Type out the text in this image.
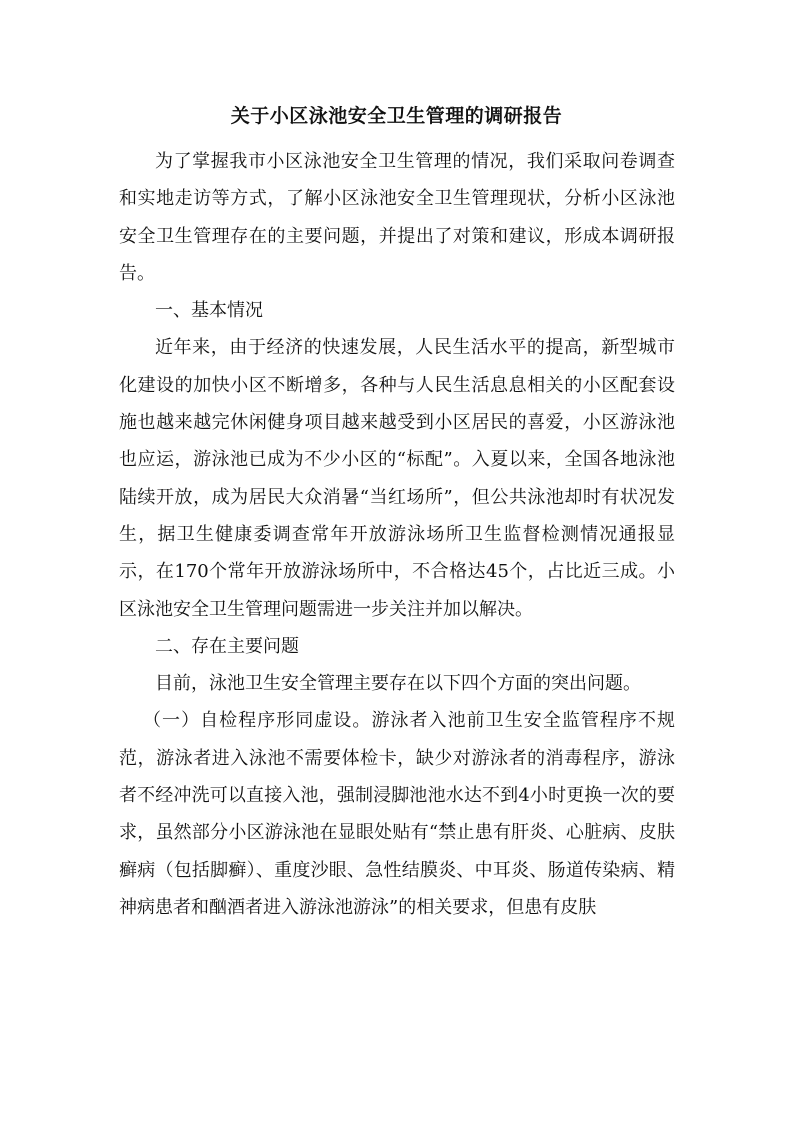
关于小区泳池安全卫生管理的调研报告

为了掌握我市小区泳池安全卫生管理的情况，我们采取问卷调查和实地走访等方式，了解小区泳池安全卫生管理现状，分析小区泳池安全卫生管理存在的主要问题，并提出了对策和建议，形成本调研报告。

一、基本情况

近年来，由于经济的快速发展，人民生活水平的提高，新型城市化建设的加快小区不断增多，各种与人民生活息息相关的小区配套设施也越来越完休闲健身项目越来越受到小区居民的喜爱，小区游泳池也应运，游泳池已成为不少小区的“标配”。入夏以来，全国各地泳池陆续开放，成为居民大众消暑“当红场所”，但公共泳池却时有状况发生，据卫生健康委调查常年开放游泳场所卫生监督检测情况通报显示，在170个常年开放游泳场所中，不合格达45个，占比近三成。小区泳池安全卫生管理问题需进一步关注并加以解决。

二、存在主要问题

目前，泳池卫生安全管理主要存在以下四个方面的突出问题。

（一）自检程序形同虚设。游泳者入池前卫生安全监管程序不规范，游泳者进入泳池不需要体检卡，缺少对游泳者的消毒程序，游泳者不经冲洗可以直接入池，强制浸脚池池水达不到4小时更换一次的要求，虽然部分小区游泳池在显眼处贴有“禁止患有肝炎、心脏病、皮肤癣病（包括脚癣）、重度沙眼、急性结膜炎、中耳炎、肠道传染病、精神病患者和酗酒者进入游泳池游泳”的相关要求，但患有皮肤
